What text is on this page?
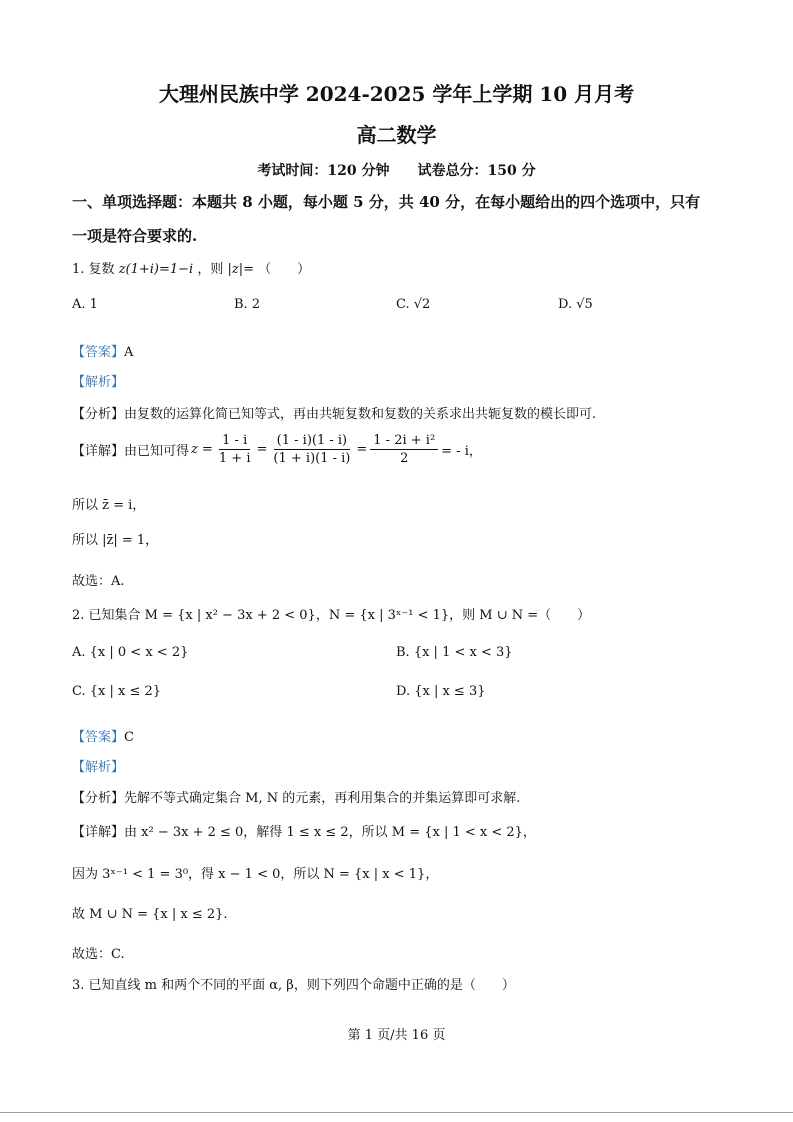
大理州民族中学 2024-2025 学年上学期 10 月月考
高二数学
考试时间：120 分钟　　试卷总分：150 分
一、单项选择题：本题共 8 小题，每小题 5 分，共 40 分，在每小题给出的四个选项中，只有
一项是符合要求的.
1. 复数 z(1+i)=1−i ，则 |z|= （　　）
A. 1	B. 2	C. √2	D. √5
【答案】A
【解析】
【分析】由复数的运算化简已知等式，再由共轭复数和复数的关系求出共轭复数的模长即可.
【详解】 由已知可得 $z = \frac{1 - i}{1 + i} = \frac{(1 - i)(1 - i)}{(1 + i)(1 - i)} = \frac{\text{1 - 2i + i²}}{2}$ = - i，
所以 z̄ = i，
所以 |z̄| = 1，
故选：A.
2. 已知集合 M = {x | x² − 3x + 2 < 0}，N = {x | 3ˣ⁻¹ < 1}，则 M ∪ N =（　　）
A. {x | 0 < x < 2}	B. {x | 1 < x < 3}
C. {x | x ≤ 2}	D. {x | x ≤ 3}
【答案】C
【解析】
【分析】先解不等式确定集合 M, N 的元素，再利用集合的并集运算即可求解.
【详解】由 x² − 3x + 2 ≤ 0，解得 1 ≤ x ≤ 2，所以 M = {x | 1 < x < 2}，
因为 3ˣ⁻¹ < 1 = 3⁰，得 x − 1 < 0，所以 N = {x | x < 1}，
故 M ∪ N = {x | x ≤ 2}.
故选：C.
3. 已知直线 m 和两个不同的平面 α, β，则下列四个命题中正确的是（　　）
第 1 页/共 16 页
